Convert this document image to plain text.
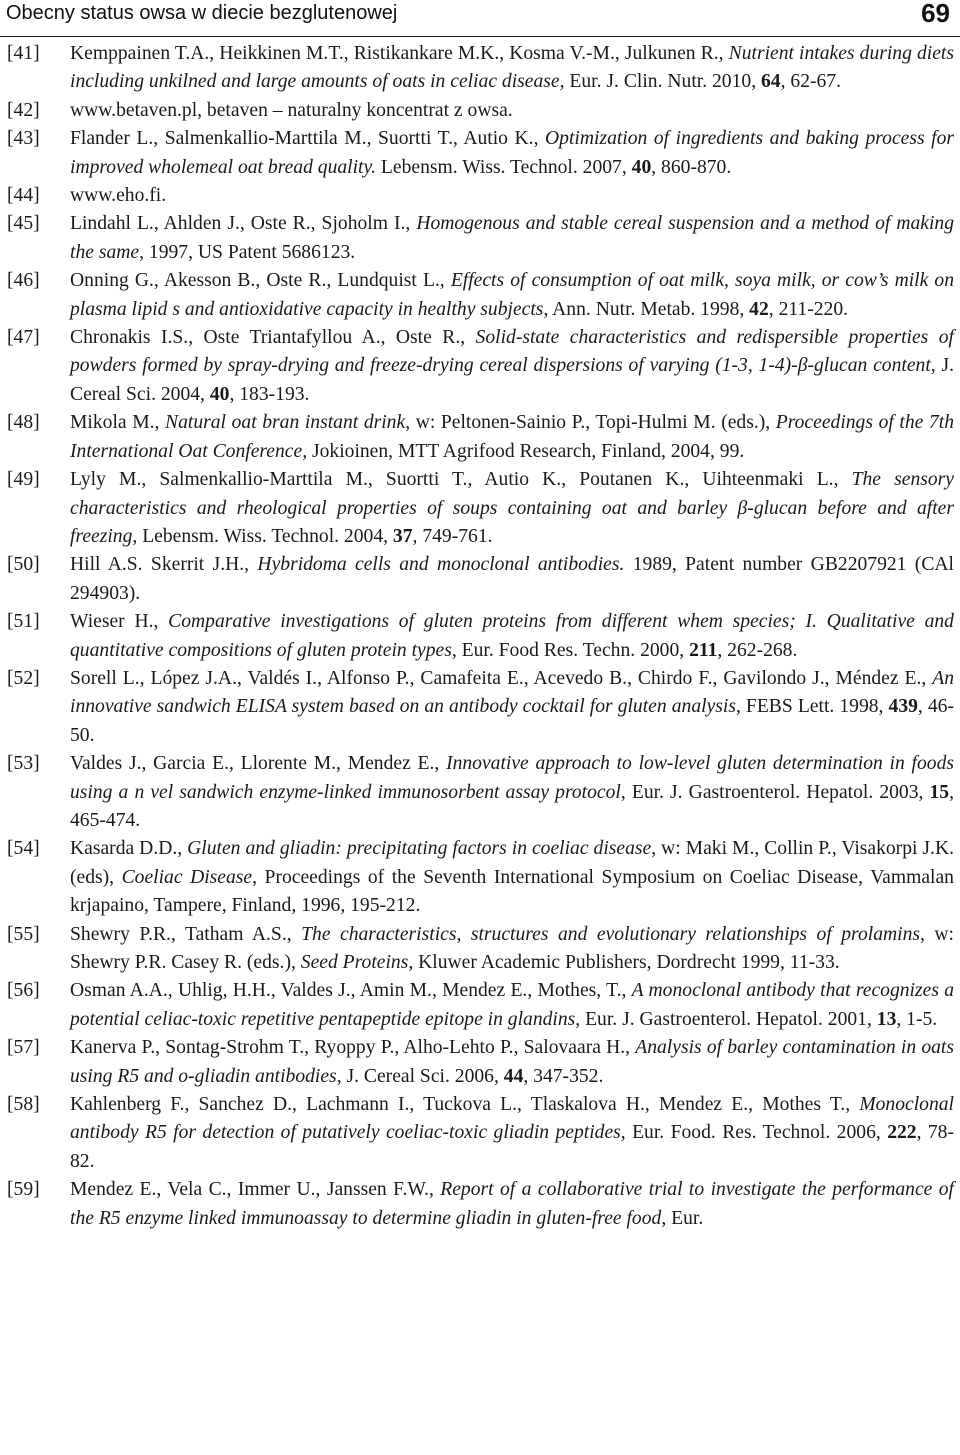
Obecny status owsa w diecie bezglutenowej	69
[41] Kemppainen T.A., Heikkinen M.T., Ristikankare M.K., Kosma V.-M., Julkunen R., Nutrient intakes during diets including unkilned and large amounts of oats in celiac disease, Eur. J. Clin. Nutr. 2010, 64, 62-67.
[42] www.betaven.pl, betaven – naturalny koncentrat z owsa.
[43] Flander L., Salmenkallio-Marttila M., Suortti T., Autio K., Optimization of ingredients and baking process for improved wholemeal oat bread quality. Lebensm. Wiss. Technol. 2007, 40, 860-870.
[44] www.eho.fi.
[45] Lindahl L., Ahlden J., Oste R., Sjoholm I., Homogenous and stable cereal suspension and a method of making the same, 1997, US Patent 5686123.
[46] Onning G., Akesson B., Oste R., Lundquist L., Effects of consumption of oat milk, soya milk, or cow’s milk on plasma lipid s and antioxidative capacity in healthy subjects, Ann. Nutr. Metab. 1998, 42, 211-220.
[47] Chronakis I.S., Oste Triantafyllou A., Oste R., Solid-state characteristics and redispersible properties of powders formed by spray-drying and freeze-drying cereal dispersions of varying (1-3, 1-4)-β-glucan content, J. Cereal Sci. 2004, 40, 183-193.
[48] Mikola M., Natural oat bran instant drink, w: Peltonen-Sainio P., Topi-Hulmi M. (eds.), Proceedings of the 7th International Oat Conference, Jokioinen, MTT Agrifood Research, Finland, 2004, 99.
[49] Lyly M., Salmenkallio-Marttila M., Suortti T., Autio K., Poutanen K., Uihteenmaki L., The sensory characteristics and rheological properties of soups containing oat and barley β-glucan before and after freezing, Lebensm. Wiss. Technol. 2004, 37, 749-761.
[50] Hill A.S. Skerrit J.H., Hybridoma cells and monoclonal antibodies. 1989, Patent number GB2207921 (CAl 294903).
[51] Wieser H., Comparative investigations of gluten proteins from different whem species; I. Qualitative and quantitative compositions of gluten protein types, Eur. Food Res. Techn. 2000, 211, 262-268.
[52] Sorell L., López J.A., Valdés I., Alfonso P., Camafeita E., Acevedo B., Chirdo F., Gavilondo J., Méndez E., An innovative sandwich ELISA system based on an antibody cocktail for gluten analysis, FEBS Lett. 1998, 439, 46-50.
[53] Valdes J., Garcia E., Llorente M., Mendez E., Innovative approach to low-level gluten determination in foods using a n vel sandwich enzyme-linked immunosorbent assay protocol, Eur. J. Gastroenterol. Hepatol. 2003, 15, 465-474.
[54] Kasarda D.D., Gluten and gliadin: precipitating factors in coeliac disease, w: Maki M., Collin P., Visakorpi J.K. (eds), Coeliac Disease, Proceedings of the Seventh International Symposium on Coeliac Disease, Vammalan krjapaino, Tampere, Finland, 1996, 195-212.
[55] Shewry P.R., Tatham A.S., The characteristics, structures and evolutionary relationships of prolamins, w: Shewry P.R. Casey R. (eds.), Seed Proteins, Kluwer Academic Publishers, Dordrecht 1999, 11-33.
[56] Osman A.A., Uhlig, H.H., Valdes J., Amin M., Mendez E., Mothes, T., A monoclonal antibody that recognizes a potential celiac-toxic repetitive pentapeptide epitope in glandins, Eur. J. Gastroenterol. Hepatol. 2001, 13, 1-5.
[57] Kanerva P., Sontag-Strohm T., Ryoppy P., Alho-Lehto P., Salovaara H., Analysis of barley contamination in oats using R5 and o-gliadin antibodies, J. Cereal Sci. 2006, 44, 347-352.
[58] Kahlenberg F., Sanchez D., Lachmann I., Tuckova L., Tlaskalova H., Mendez E., Mothes T., Monoclonal antibody R5 for detection of putatively coeliac-toxic gliadin peptides, Eur. Food. Res. Technol. 2006, 222, 78-82.
[59] Mendez E., Vela C., Immer U., Janssen F.W., Report of a collaborative trial to investigate the performance of the R5 enzyme linked immunoassay to determine gliadin in gluten-free food, Eur.
